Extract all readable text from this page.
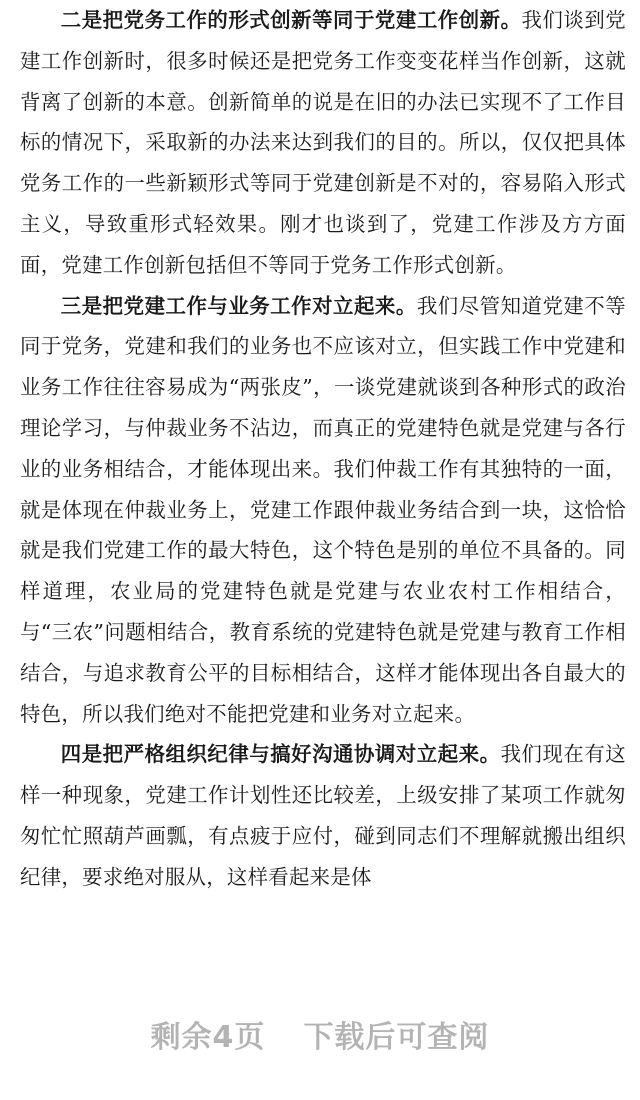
二是把党务工作的形式创新等同于党建工作创新。我们谈到党建工作创新时，很多时候还是把党务工作变变花样当作创新，这就背离了创新的本意。创新简单的说是在旧的办法已实现不了工作目标的情况下，采取新的办法来达到我们的目的。所以，仅仅把具体党务工作的一些新颖形式等同于党建创新是不对的，容易陷入形式主义，导致重形式轻效果。刚才也谈到了，党建工作涉及方方面面，党建工作创新包括但不等同于党务工作形式创新。

三是把党建工作与业务工作对立起来。我们尽管知道党建不等同于党务，党建和我们的业务也不应该对立，但实践工作中党建和业务工作往往容易成为“两张皮”，一谈党建就谈到各种形式的政治理论学习，与仲裁业务不沾边，而真正的党建特色就是党建与各行业的业务相结合，才能体现出来。我们仲裁工作有其独特的一面，就是体现在仲裁业务上，党建工作跟仲裁业务结合到一块，这恰恰就是我们党建工作的最大特色，这个特色是别的单位不具备的。同样道理，农业局的党建特色就是党建与农业农村工作相结合，与“三农”问题相结合，教育系统的党建特色就是党建与教育工作相结合，与追求教育公平的目标相结合，这样才能体现出各自最大的特色，所以我们绝对不能把党建和业务对立起来。

四是把严格组织纪律与搞好沟通协调对立起来。我们现在有这样一种现象，党建工作计划性还比较差，上级安排了某项工作就匆匆忙忙照葫芦画瓢，有点疲于应付，碰到同志们不理解就搬出组织纪律，要求绝对服从，这样看起来是体

剩余4页 下载后可查阅
